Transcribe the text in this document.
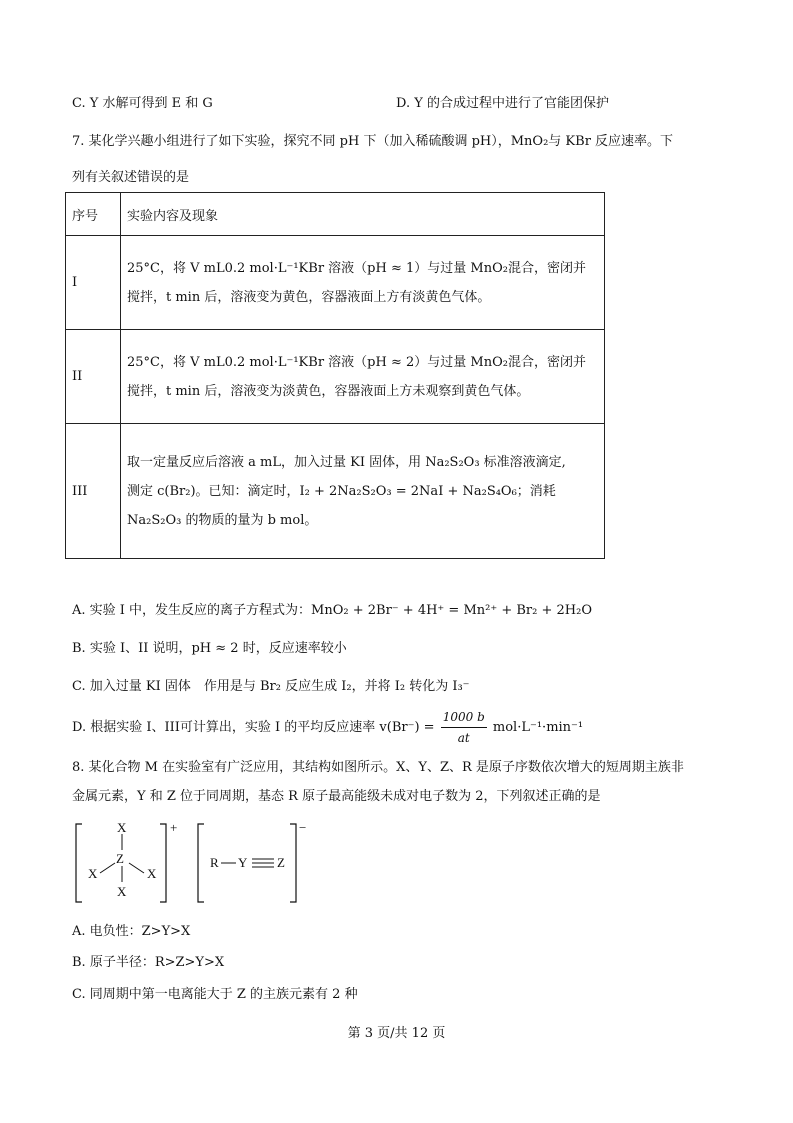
C. Y 水解可得到 E 和 G	D. Y 的合成过程中进行了官能团保护
7. 某化学兴趣小组进行了如下实验，探究不同 pH 下（加入稀硫酸调 pH），MnO₂与 KBr 反应速率。下
列有关叙述错误的是
序号	实验内容及现象
I	25°C，将 V mL0.2 mol·L⁻¹KBr 溶液（pH ≈ 1）与过量 MnO₂混合，密闭并
搅拌，t min 后，溶液变为黄色，容器液面上方有淡黄色气体。

II	25°C，将 V mL0.2 mol·L⁻¹KBr 溶液（pH ≈ 2）与过量 MnO₂混合，密闭并
搅拌，t min 后，溶液变为淡黄色，容器液面上方未观察到黄色气体。

III	取一定量反应后溶液 a mL，加入过量 KI 固体，用 Na₂S₂O₃ 标准溶液滴定,
测定 c(Br₂)。已知：滴定时，I₂ + 2Na₂S₂O₃ = 2NaI + Na₂S₄O₆；消耗
Na₂S₂O₃ 的物质的量为 b mol。
A. 实验 I 中，发生反应的离子方程式为：MnO₂ + 2Br⁻ + 4H⁺ = Mn²⁺ + Br₂ + 2H₂O
B. 实验 I、II 说明，pH ≈ 2 时，反应速率较小
C. 加入过量 KI 固体　作用是与 Br₂ 反应生成 I₂，并将 I₂ 转化为 I₃⁻
D. 根据实验 I、III可计算出，实验 I 的平均反应速率 $v(Br^-) = \frac{1000 b}{at} mol\cdot L^{-1}\cdot\min^{-1}$
8. 某化合物 M 在实验室有广泛应用，其结构如图所示。X、Y、Z、R 是原子序数依次增大的短周期主族非
金属元素，Y 和 Z 位于同周期，基态 R 原子最高能级未成对电子数为 2，下列叙述正确的是
X
Z
X	X
X
+
R Y Z
−
A. 电负性：Z>Y>X
B. 原子半径：R>Z>Y>X
C. 同周期中第一电离能大于 Z 的主族元素有 2 种
第 3 页/共 12 页
